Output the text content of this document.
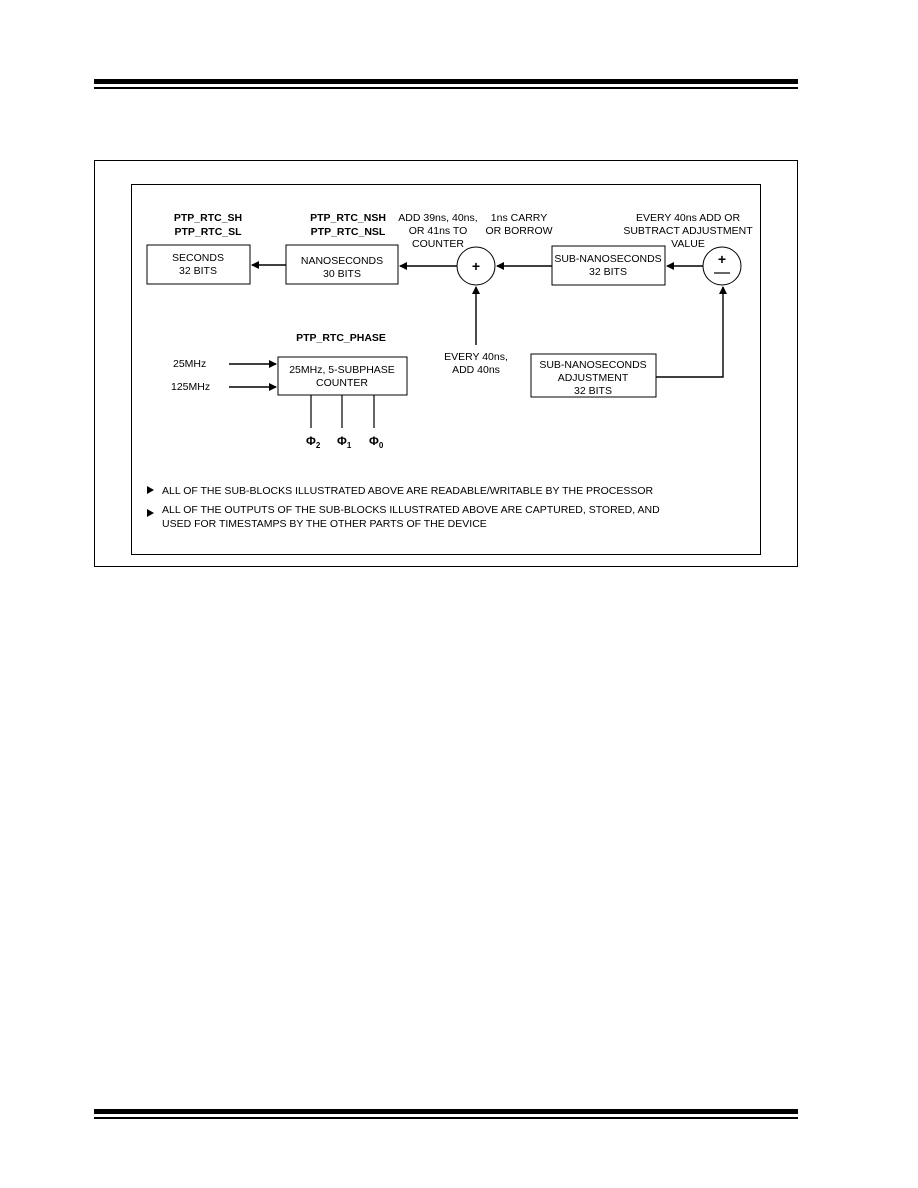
PTP_RTC_SH
PTP_RTC_SL
PTP_RTC_NSH
PTP_RTC_NSL
SECONDS
32 BITS
NANOSECONDS
30 BITS	+
ADD 39ns, 40ns,
OR 41ns TO
COUNTER
1ns CARRY
OR BORROW
SUB-NANOSECONDS
32 BITS
+
EVERY 40ns ADD OR
SUBTRACT ADJUSTMENT
VALUE
EVERY 40ns,
ADD 40ns	SUB-NANOSECONDS
ADJUSTMENT
32 BITS
PTP_RTC_PHASE
25MHz, 5-SUBPHASE
COUNTER
25MHz
125MHz
$\Phi_2$ $\Phi_1$ $\Phi_0$
ALL OF THE SUB-BLOCKS ILLUSTRATED ABOVE ARE READABLE/WRITABLE BY THE PROCESSOR
ALL OF THE OUTPUTS OF THE SUB-BLOCKS ILLUSTRATED ABOVE ARE CAPTURED, STORED, AND
USED FOR TIMESTAMPS BY THE OTHER PARTS OF THE DEVICE
